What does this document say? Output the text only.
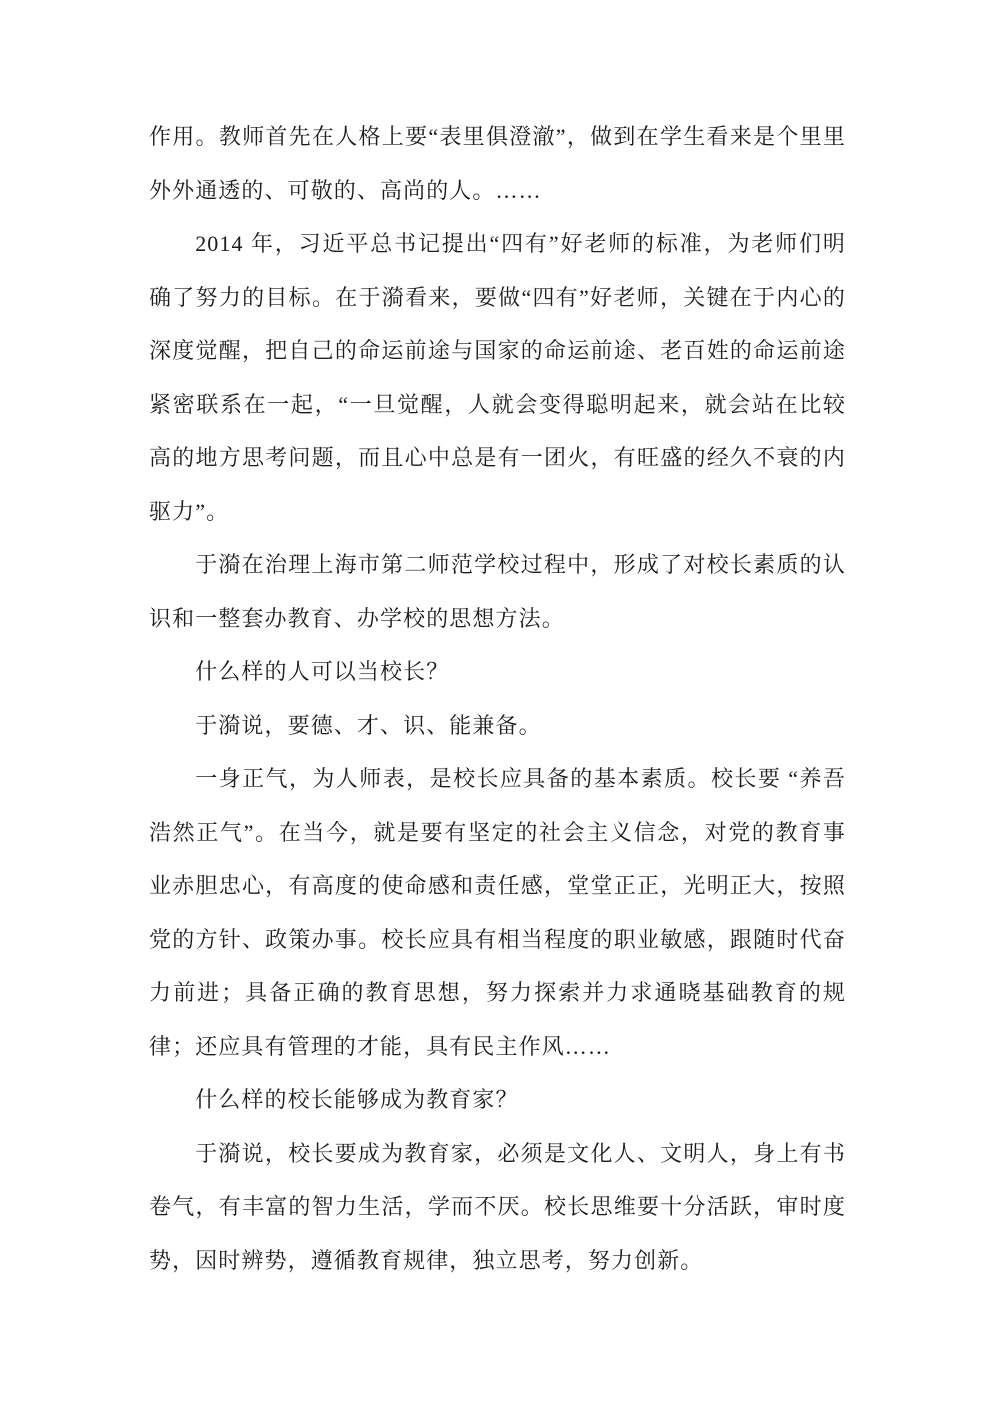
作用。教师首先在人格上要“表里俱澄澈”，做到在学生看来是个里里外外通透的、可敬的、高尚的人。……

2014 年，习近平总书记提出“四有”好老师的标准，为老师们明确了努力的目标。在于漪看来，要做“四有”好老师，关键在于内心的深度觉醒，把自己的命运前途与国家的命运前途、老百姓的命运前途紧密联系在一起，“一旦觉醒，人就会变得聪明起来，就会站在比较高的地方思考问题，而且心中总是有一团火，有旺盛的经久不衰的内驱力”。

于漪在治理上海市第二师范学校过程中，形成了对校长素质的认识和一整套办教育、办学校的思想方法。

什么样的人可以当校长？

于漪说，要德、才、识、能兼备。

一身正气，为人师表，是校长应具备的基本素质。校长要 “养吾浩然正气”。在当今，就是要有坚定的社会主义信念，对党的教育事业赤胆忠心，有高度的使命感和责任感，堂堂正正，光明正大，按照党的方针、政策办事。校长应具有相当程度的职业敏感，跟随时代奋力前进；具备正确的教育思想，努力探索并力求通晓基础教育的规律；还应具有管理的才能，具有民主作风……

什么样的校长能够成为教育家？

于漪说，校长要成为教育家，必须是文化人、文明人，身上有书卷气，有丰富的智力生活，学而不厌。校长思维要十分活跃，审时度势，因时辨势，遵循教育规律，独立思考，努力创新。
